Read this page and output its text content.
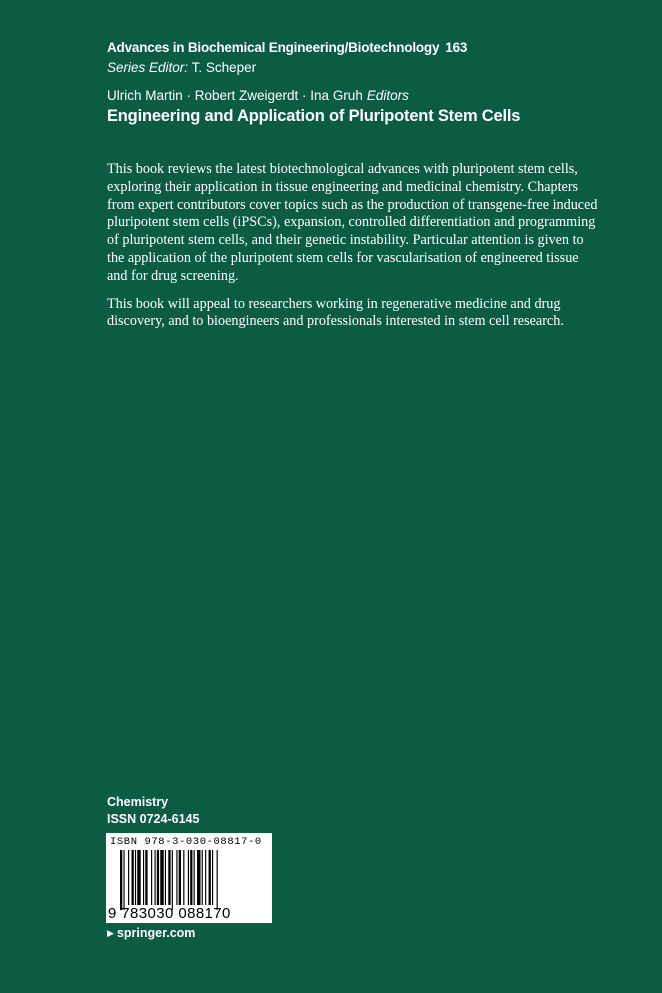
Advances in Biochemical Engineering/Biotechnology 163
Series Editor: T. Scheper
Ulrich Martin · Robert Zweigerdt · Ina Gruh Editors
Engineering and Application of Pluripotent Stem Cells

This book reviews the latest biotechnological advances with pluripotent stem cells, exploring their application in tissue engineering and medicinal chemistry. Chapters from expert contributors cover topics such as the production of transgene-free induced pluripotent stem cells (iPSCs), expansion, controlled differentiation and programming of pluripotent stem cells, and their genetic instability. Particular attention is given to the application of the pluripotent stem cells for vascularisation of engineered tissue and for drug screening.

This book will appeal to researchers working in regenerative medicine and drug discovery, and to bioengineers and professionals interested in stem cell research.

Chemistry
ISSN 0724-6145
ISBN 978-3-030-08817-0
9 783030 088170
▶ springer.com
